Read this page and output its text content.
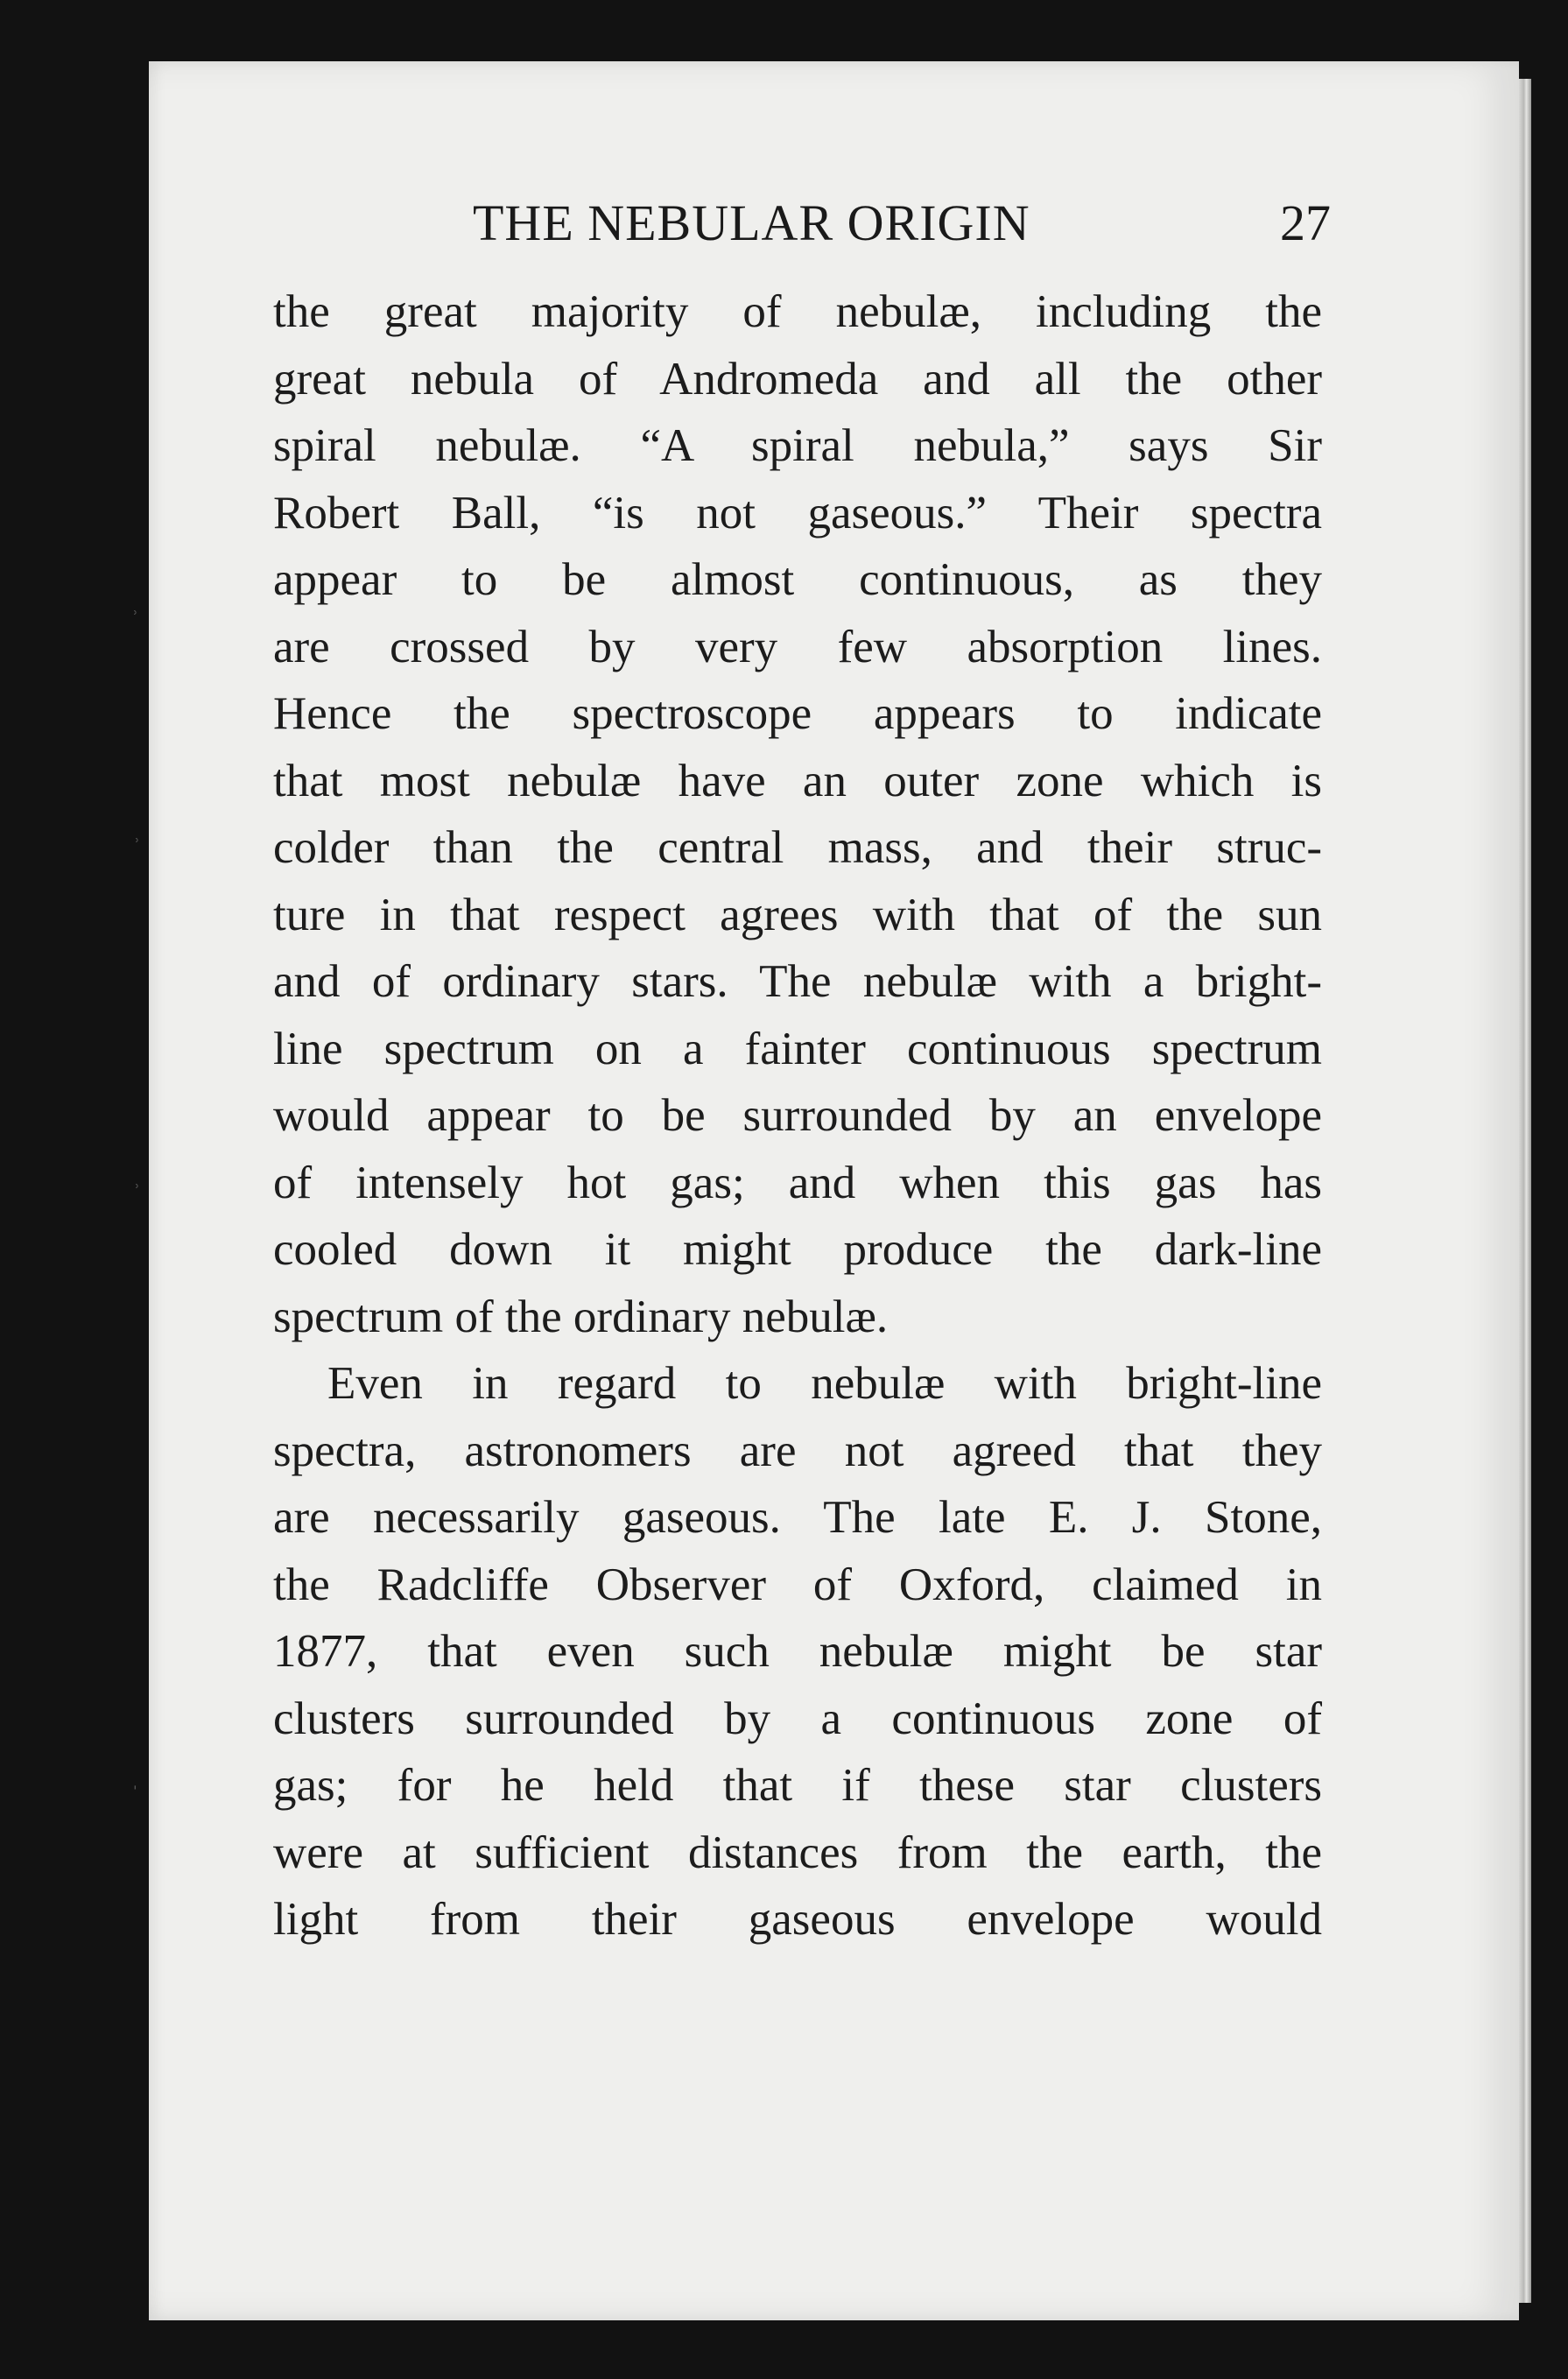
THE NEBULAR ORIGIN	27
the great majority of nebulæ, including the
great nebula of Andromeda and all the other
spiral nebulæ. “A spiral nebula,” says Sir
Robert Ball, “is not gaseous.” Their spectra
appear to be almost continuous, as they
are crossed by very few absorption lines.
Hence the spectroscope appears to indicate
that most nebulæ have an outer zone which is
colder than the central mass, and their struc-
ture in that respect agrees with that of the sun
and of ordinary stars. The nebulæ with a bright-
line spectrum on a fainter continuous spectrum
would appear to be surrounded by an envelope
of intensely hot gas; and when this gas has
cooled down it might produce the dark-line
spectrum of the ordinary nebulæ.
Even in regard to nebulæ with bright-line
spectra, astronomers are not agreed that they
are necessarily gaseous. The late E. J. Stone,
the Radcliffe Observer of Oxford, claimed in
1877, that even such nebulæ might be star
clusters surrounded by a continuous zone of
gas; for he held that if these star clusters
were at sufficient distances from the earth, the
light from their gaseous envelope would
˒
˒
˒
ˌ
